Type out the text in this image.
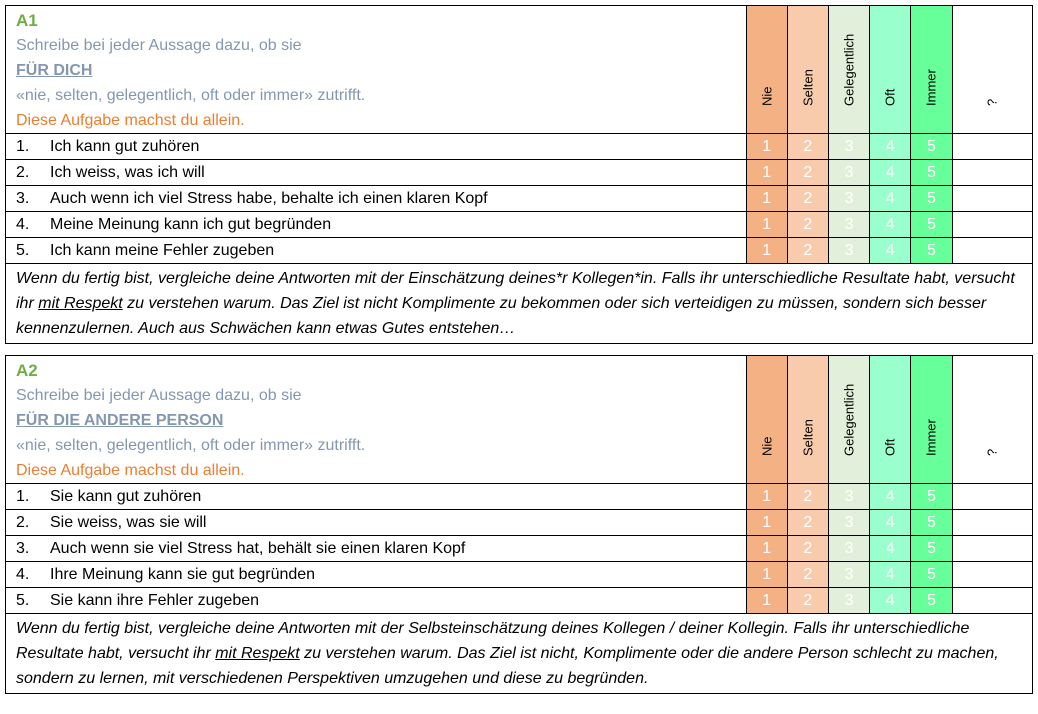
A1
Schreibe bei jeder Aussage dazu, ob sie
FÜR DICH
«nie, selten, gelegentlich, oft oder immer» zutrifft.
Diese Aufgabe machst du allein.	Nie	Selten	Gelegentlich	Oft	Immer	?

1. Ich kann gut zuhören	1	2	3	4	5	
2. Ich weiss, was ich will	1	2	3	4	5	
3. Auch wenn ich viel Stress habe, behalte ich einen klaren Kopf	1	2	3	4	5	
4. Meine Meinung kann ich gut begründen	1	2	3	4	5	
5. Ich kann meine Fehler zugeben	1	2	3	4	5	
Wenn du fertig bist, vergleiche deine Antworten mit der Einschätzung deines*r Kollegen*in. Falls ihr unterschiedliche Resultate habt, versucht ihr mit Respekt zu verstehen warum. Das Ziel ist nicht Komplimente zu bekommen oder sich verteidigen zu müssen, sondern sich besser kennenzulernen. Auch aus Schwächen kann etwas Gutes entstehen…						
A2
Schreibe bei jeder Aussage dazu, ob sie
FÜR DIE ANDERE PERSON
«nie, selten, gelegentlich, oft oder immer» zutrifft.
Diese Aufgabe machst du allein.	Nie	Selten	Gelegentlich	Oft	Immer	?

1. Sie kann gut zuhören	1	2	3	4	5	
2. Sie weiss, was sie will	1	2	3	4	5	
3. Auch wenn sie viel Stress hat, behält sie einen klaren Kopf	1	2	3	4	5	
4. Ihre Meinung kann sie gut begründen	1	2	3	4	5	
5. Sie kann ihre Fehler zugeben	1	2	3	4	5	
Wenn du fertig bist, vergleiche deine Antworten mit der Selbsteinschätzung deines Kollegen / deiner Kollegin. Falls ihr unterschiedliche Resultate habt, versucht ihr mit Respekt zu verstehen warum. Das Ziel ist nicht, Komplimente oder die andere Person schlecht zu machen, sondern zu lernen, mit verschiedenen Perspektiven umzugehen und diese zu begründen.						
